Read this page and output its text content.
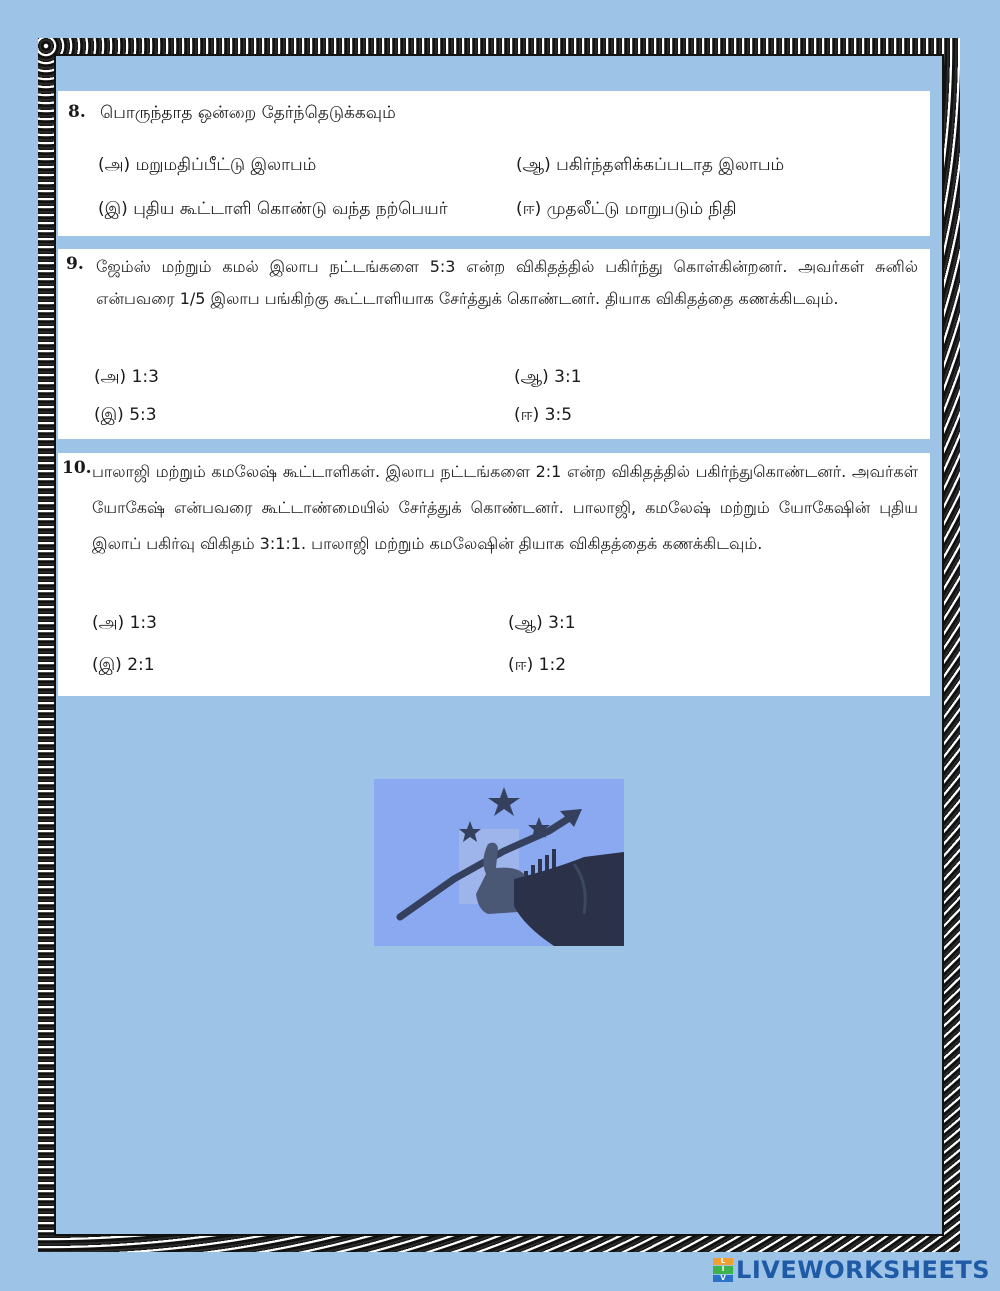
8. பொருந்தாத ஒன்றை தேர்ந்தெடுக்கவும்
(அ) மறுமதிப்பீட்டு இலாபம்	(ஆ) பகிர்ந்தளிக்கப்படாத இலாபம்
(இ) புதிய கூட்டாளி கொண்டு வந்த நற்பெயர்	(ஈ) முதலீட்டு மாறுபடும் நிதி
9. ஜேம்ஸ் மற்றும் கமல் இலாப நட்டங்களை 5:3 என்ற விகிதத்தில் பகிர்ந்து கொள்கின்றனர். அவர்கள் சுனில் என்பவரை 1/5 இலாப பங்கிற்கு கூட்டாளியாக சேர்த்துக் கொண்டனர். தியாக விகிதத்தை கணக்கிடவும்.
(அ) 1:3	(ஆ) 3:1
(இ) 5:3	(ஈ) 3:5
10. பாலாஜி மற்றும் கமலேஷ் கூட்டாளிகள். இலாப நட்டங்களை 2:1 என்ற விகிதத்தில் பகிர்ந்துகொண்டனர். அவர்கள் யோகேஷ் என்பவரை கூட்டாண்மையில் சேர்த்துக் கொண்டனர். பாலாஜி, கமலேஷ் மற்றும் யோகேஷின் புதிய இலாப் பகிர்வு விகிதம் 3:1:1. பாலாஜி மற்றும் கமலேஷின் தியாக விகிதத்தைக் கணக்கிடவும்.
(அ) 1:3	(ஆ) 3:1
(இ) 2:1	(ஈ) 1:2
L
I
V LIVEWORKSHEETS
